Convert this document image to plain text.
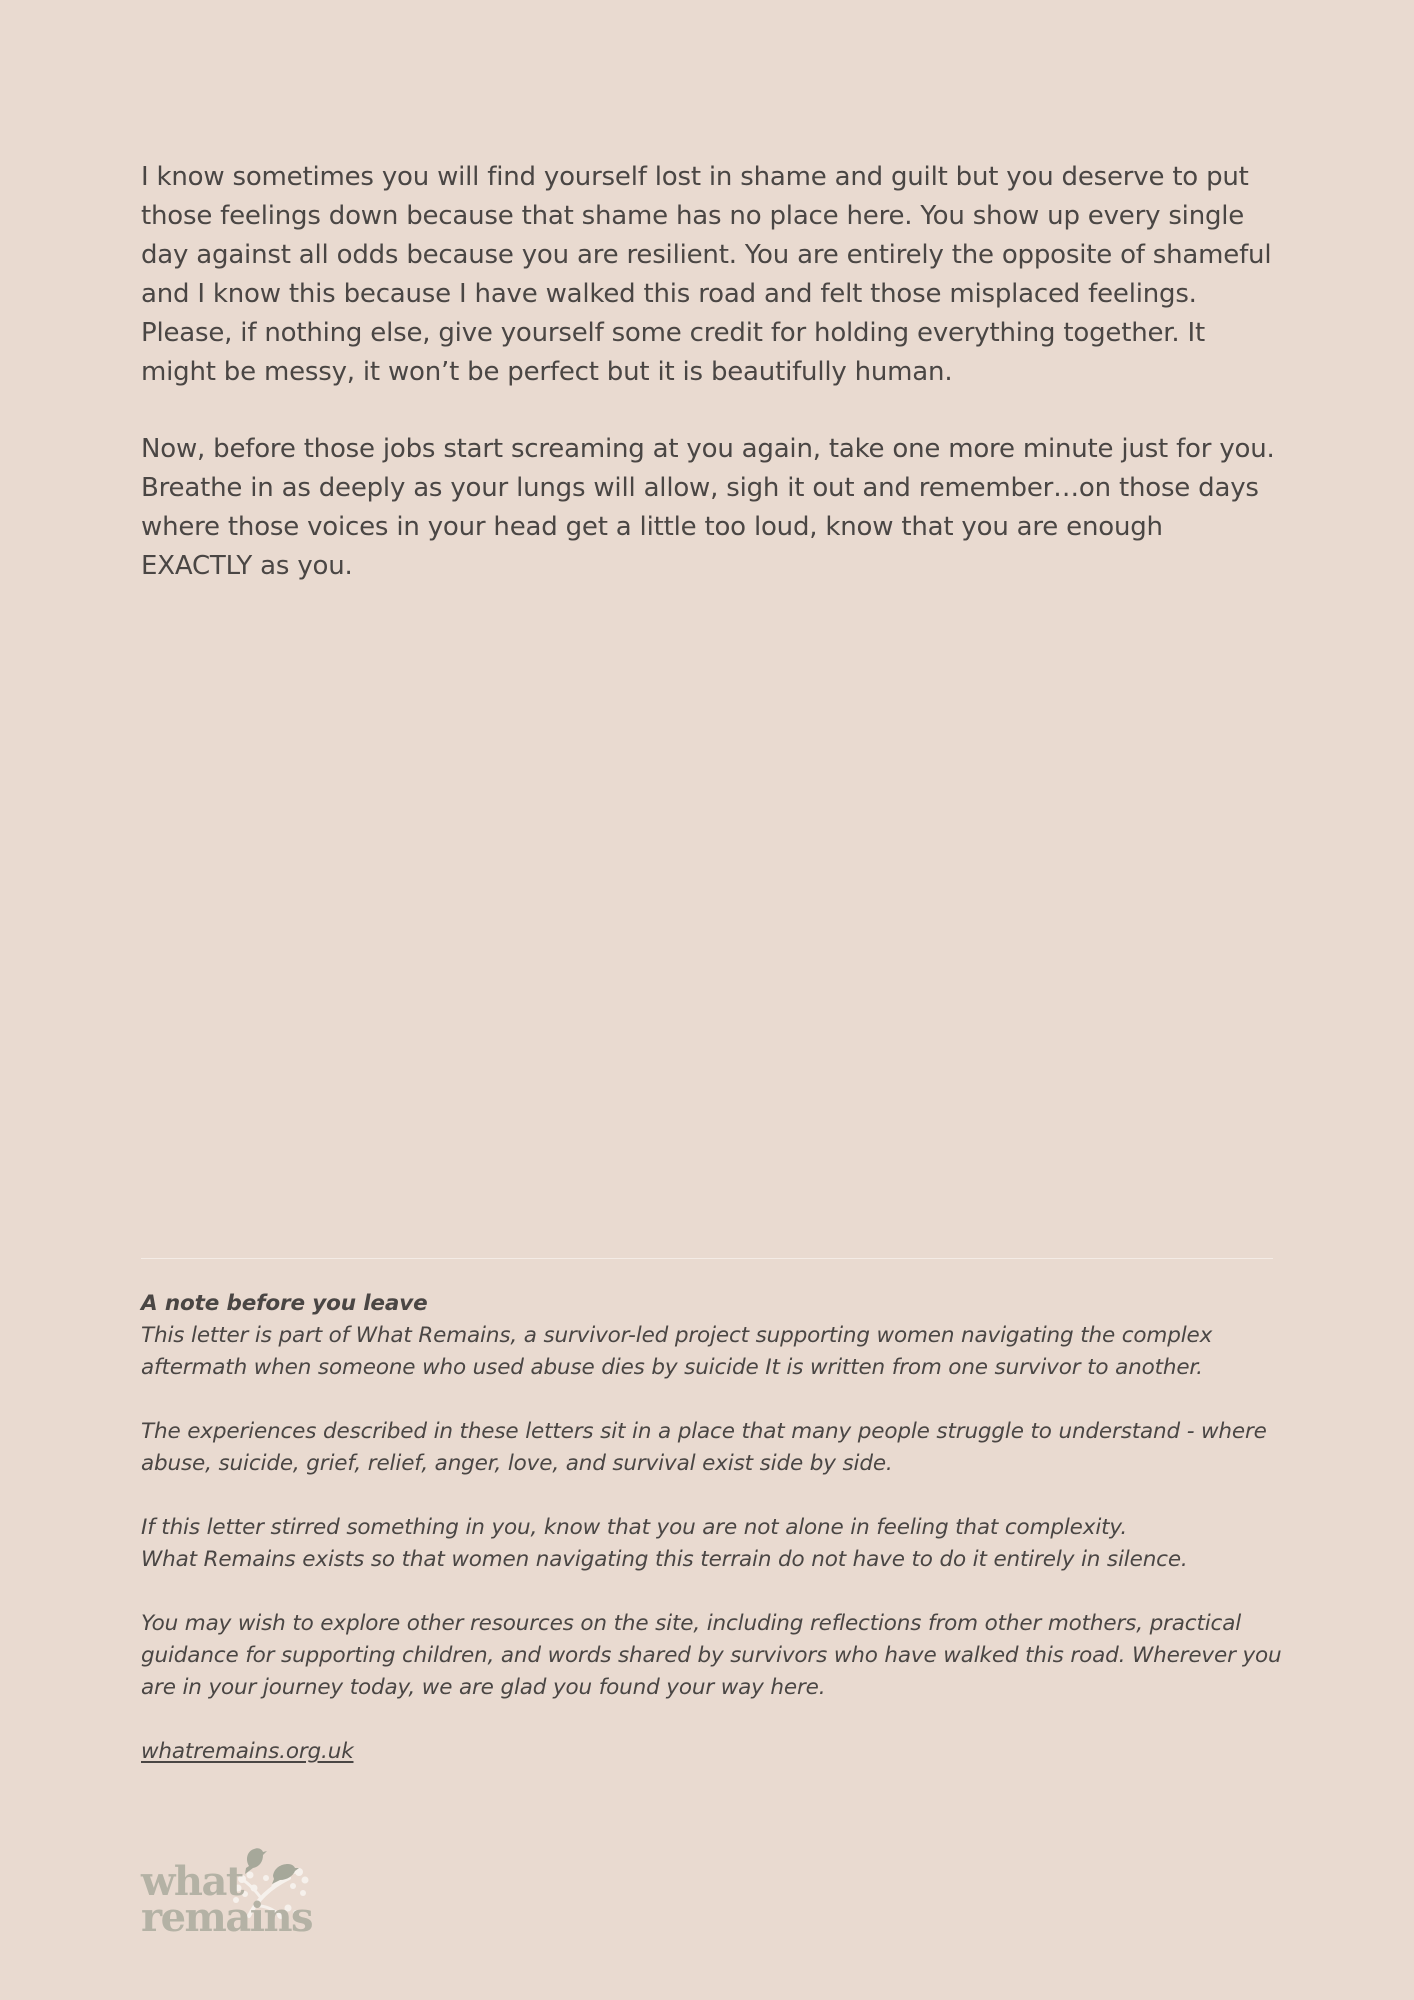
I know sometimes you will find yourself lost in shame and guilt but you deserve to put those feelings down because that shame has no place here. You show up every single day against all odds because you are resilient. You are entirely the opposite of shameful and I know this because I have walked this road and felt those misplaced feelings. Please, if nothing else, give yourself some credit for holding everything together. It might be messy, it won’t be perfect but it is beautifully human.

Now, before those jobs start screaming at you again, take one more minute just for you. Breathe in as deeply as your lungs will allow, sigh it out and remember…on those days where those voices in your head get a little too loud, know that you are enough EXACTLY as you.

A note before you leave

This letter is part of What Remains, a survivor-led project supporting women navigating the complex aftermath when someone who used abuse dies by suicide It is written from one survivor to another.

The experiences described in these letters sit in a place that many people struggle to understand - where abuse, suicide, grief, relief, anger, love, and survival exist side by side.

If this letter stirred something in you, know that you are not alone in feeling that complexity.
What Remains exists so that women navigating this terrain do not have to do it entirely in silence.

You may wish to explore other resources on the site, including reflections from other mothers, practical guidance for supporting children, and words shared by survivors who have walked this road. Wherever you are in your journey today, we are glad you found your way here.

whatremains.org.uk
what
remains
